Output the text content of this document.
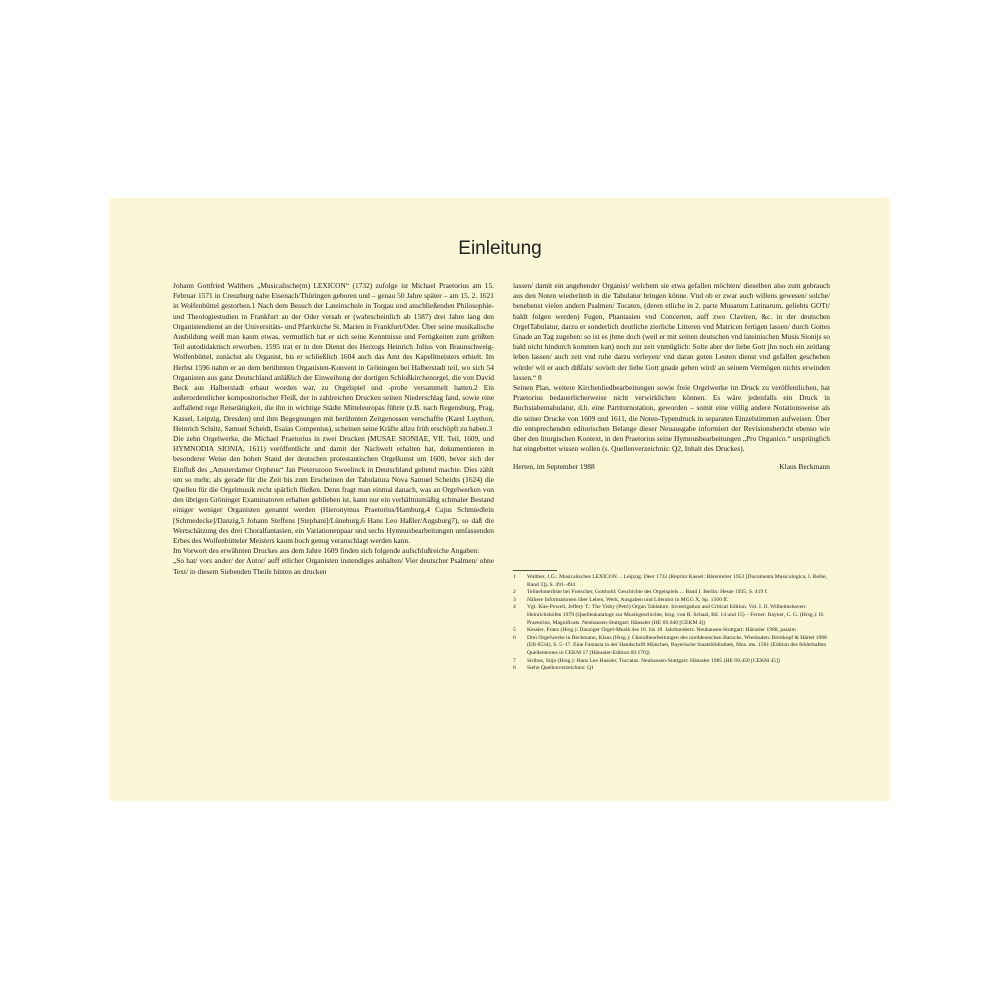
Einleitung

Johann Gottfried Walthers „Musicalische(m) LEXICON“ (1732) zufolge ist Michael Praetorius am 15. Februar 1571 in Creuzburg nahe Eisenach/Thüringen geboren und – genau 50 Jahre später – am 15. 2. 1621 in Wolfenbüttel gestorben.1 Nach dem Besuch der Lateinschule in Torgau und anschließenden Philosophie- und Theologiestudien in Frankfurt an der Oder versah er (wahrscheinlich ab 1587) drei Jahre lang den Organistendienst an der Universitäts- und Pfarrkirche St. Marien in Frankfurt/Oder. Über seine musikalische Ausbildung weiß man kaum etwas, vermutlich hat er sich seine Kenntnisse und Fertigkeiten zum größten Teil autodidaktisch erworben. 1595 trat er in den Dienst des Herzogs Heinrich Julius von Braunschweig-Wolfenbüttel, zunächst als Organist, bis er schließlich 1604 auch das Amt des Kapellmeisters erhielt. Im Herbst 1596 nahm er an dem berühmten Organisten-Konvent in Gröningen bei Halberstadt teil, wo sich 54 Organisten aus ganz Deutschland anläßlich der Einweihung der dortigen Schloßkirchenorgel, die von David Beck aus Halberstadt erbaut worden war, zu Orgelspiel und -probe versammelt hatten.2 Ein außerordentlicher kompositorischer Fleiß, der in zahlreichen Drucken seinen Niederschlag fand, sowie eine auffallend rege Reisetätigkeit, die ihn in wichtige Städte Mitteleuropas führte (z.B. nach Regensburg, Prag, Kassel, Leipzig, Dresden) und ihm Begegnungen mit berühmten Zeitgenossen verschaffte (Karel Luython, Heinrich Schütz, Samuel Scheidt, Esaias Compenius), scheinen seine Kräfte allzu früh erschöpft zu haben.3

Die zehn Orgelwerke, die Michael Praetorius in zwei Drucken (MUSAE SIONIAE, VII. Teil, 1609, und HYMNODIA SIONIA, 1611) veröffentlicht und damit der Nachwelt erhalten hat, dokumentieren in besonderer Weise den hohen Stand der deutschen protestantischen Orgelkunst um 1600, bevor sich der Einfluß des „Amsterdamer Orpheus“ Jan Pieterszoon Sweelinck in Deutschland geltend machte. Dies zählt um so mehr, als gerade für die Zeit bis zum Erscheinen der Tabulatura Nova Samuel Scheidts (1624) die Quellen für die Orgelmusik recht spärlich fließen. Denn fragt man einmal danach, was an Orgelwerken von den übrigen Gröninger Examinatoren erhalten geblieben ist, kann nur ein verhältnismäßig schmaler Bestand einiger weniger Organisten genannt werden (Hieronymus Praetorius/Hamburg,4 Cajus Schmiedlein [Schmedecke]/Danzig,5 Johann Steffens [Stephani]/Lüneburg,6 Hans Leo Haßler/Augsburg7), so daß die Wertschätzung des drei Choralfantasien, ein Variationenpaar und sechs Hymnusbearbeitungen umfassenden Erbes des Wolfenbütteler Meisters kaum hoch genug veranschlagt werden kann.

Im Vorwort des erwähnten Druckes aus dem Jahre 1609 finden sich folgende aufschlußreiche Angaben:

„So hat/ vors ander/ der Autor/ auff etlicher Organisten instendiges anhalten/ Vier deutscher Psalmen/ ohne Text/ in diesem Siebenden Theile hinten an drucken

lassen/ damit ein angehender Organist/ welchem sie etwa gefallen möchten/ dieselben also zum gebrauch aus den Noten wiederümb in die Tabulatur bringen könne. Vnd ob er zwar auch willens gewesen/ solche/ benebenst vielen andern Psalmen/ Tocaten, (deren etliche in 2. parte Musarum Latinarum, geliebts GOTt/ baldt folgen werden) Fugen, Phantasien vnd Concerten, auff zwo Claviren, &c. in der deutschen OrgelTabulatur, darzu er sonderlich deutliche zierliche Litteren vnd Matricen fertigen lassen/ durch Gottes Gnade an Tag zugeben: so ist es jhme doch (weil er mit seinen deutschen vnd lateinischen Musis Sionijs so bald nicht hindurch kommen kan) noch zur zeit vnmüglich: Solte aber der liebe Gott jhn noch ein zeitlang leben lassen/ auch zeit vnd ruhe darzu verleyen/ vnd daran guten Leuten dienst vnd gefallen geschehen würde/ wil er auch dißfals/ sovielt der liebe Gott gnade geben wird/ an seinem Vermögen nichts erwinden lassen.“ 8

Seinen Plan, weitere Kirchenliedbearbeitungen sowie freie Orgelwerke im Druck zu veröffentlichen, hat Praetorius bedauerlicherweise nicht verwirklichen können. Es wäre jedenfalls ein Druck in Buchstabentabulatur, d.h. eine Partiturnotation, geworden – somit eine völlig andere Notationsweise als die seiner Drucke von 1609 und 1611, die Noten-Typendruck in separaten Einzelstimmen aufweisen. Über die entsprechenden editorischen Belange dieser Neuausgabe informiert der Revisionsbericht ebenso wie über den liturgischen Kontext, in den Praetorius seine Hymnusbearbeitungen „Pro Organico.“ ursprünglich hat eingebettet wissen wollen (s. Quellenverzeichnis: Q2, Inhalt des Druckes).

Herten, im September 1988	Klaus Beckmann
1	Walther, J.G.: Musicalisches LEXICON ... Leipzig: Deer 1732 (Reprint Kassel: Bärenreiter 1953 [Documenta Musicologica, I. Reihe, Band 3]), S. 491–494
2	Teilnehmerliste bei Frotscher, Gotthold: Geschichte des Orgelspiels ... Band I. Berlin: Hesse 1935, S. 419 f.
3	Nähere Informationen über Leben, Werk, Ausgaben und Literatur in MGG X, Sp. 1560 ff.
4	Vgl. Kite-Powell, Jeffery T.: The Visby (Petri) Organ Tablature. Investigation and Critical Edition. Vol. I. II. Wilhelmshaven: Heinrichshofen 1979 (Quellenkataloge zur Musikgeschichte, hrsg. von R. Schaal, Bd. 14 und 15) – Ferner: Rayner, C. G. (Hrsg.): H. Praetorius, Magnificats. Neuhausen-Stuttgart: Hänssler (HE 69.040 [CEKM 4])
5	Kessler, Franz (Hrsg.): Danziger Orgel-Musik des 16. bis 18. Jahrhunderts. Neuhausen-Stuttgart: Hänssler 1988, passim
6	Drei Orgelwerke in Beckmann, Klaus (Hrsg.): Choralbearbeitungen des norddeutschen Barocks. Wiesbaden: Breitkopf & Härtel 1988 (EB 8534), S. 5–17. Eine Fantasia in der Handschrift München, Bayerische Staatsbibliothek, Mus. ms. 1581 (Edition des fehlerhaften Quellentextes in CEKM 17 [Hänssler-Edition 69.170])
7	Stribos, Stijn (Hrsg.): Hans Leo Hassler, Toccatas. Neuhausen-Stuttgart: Hänssler 1985 (HE 69.450 [CEKM 45])
8	Siehe Quellenverzeichnis: Q1
